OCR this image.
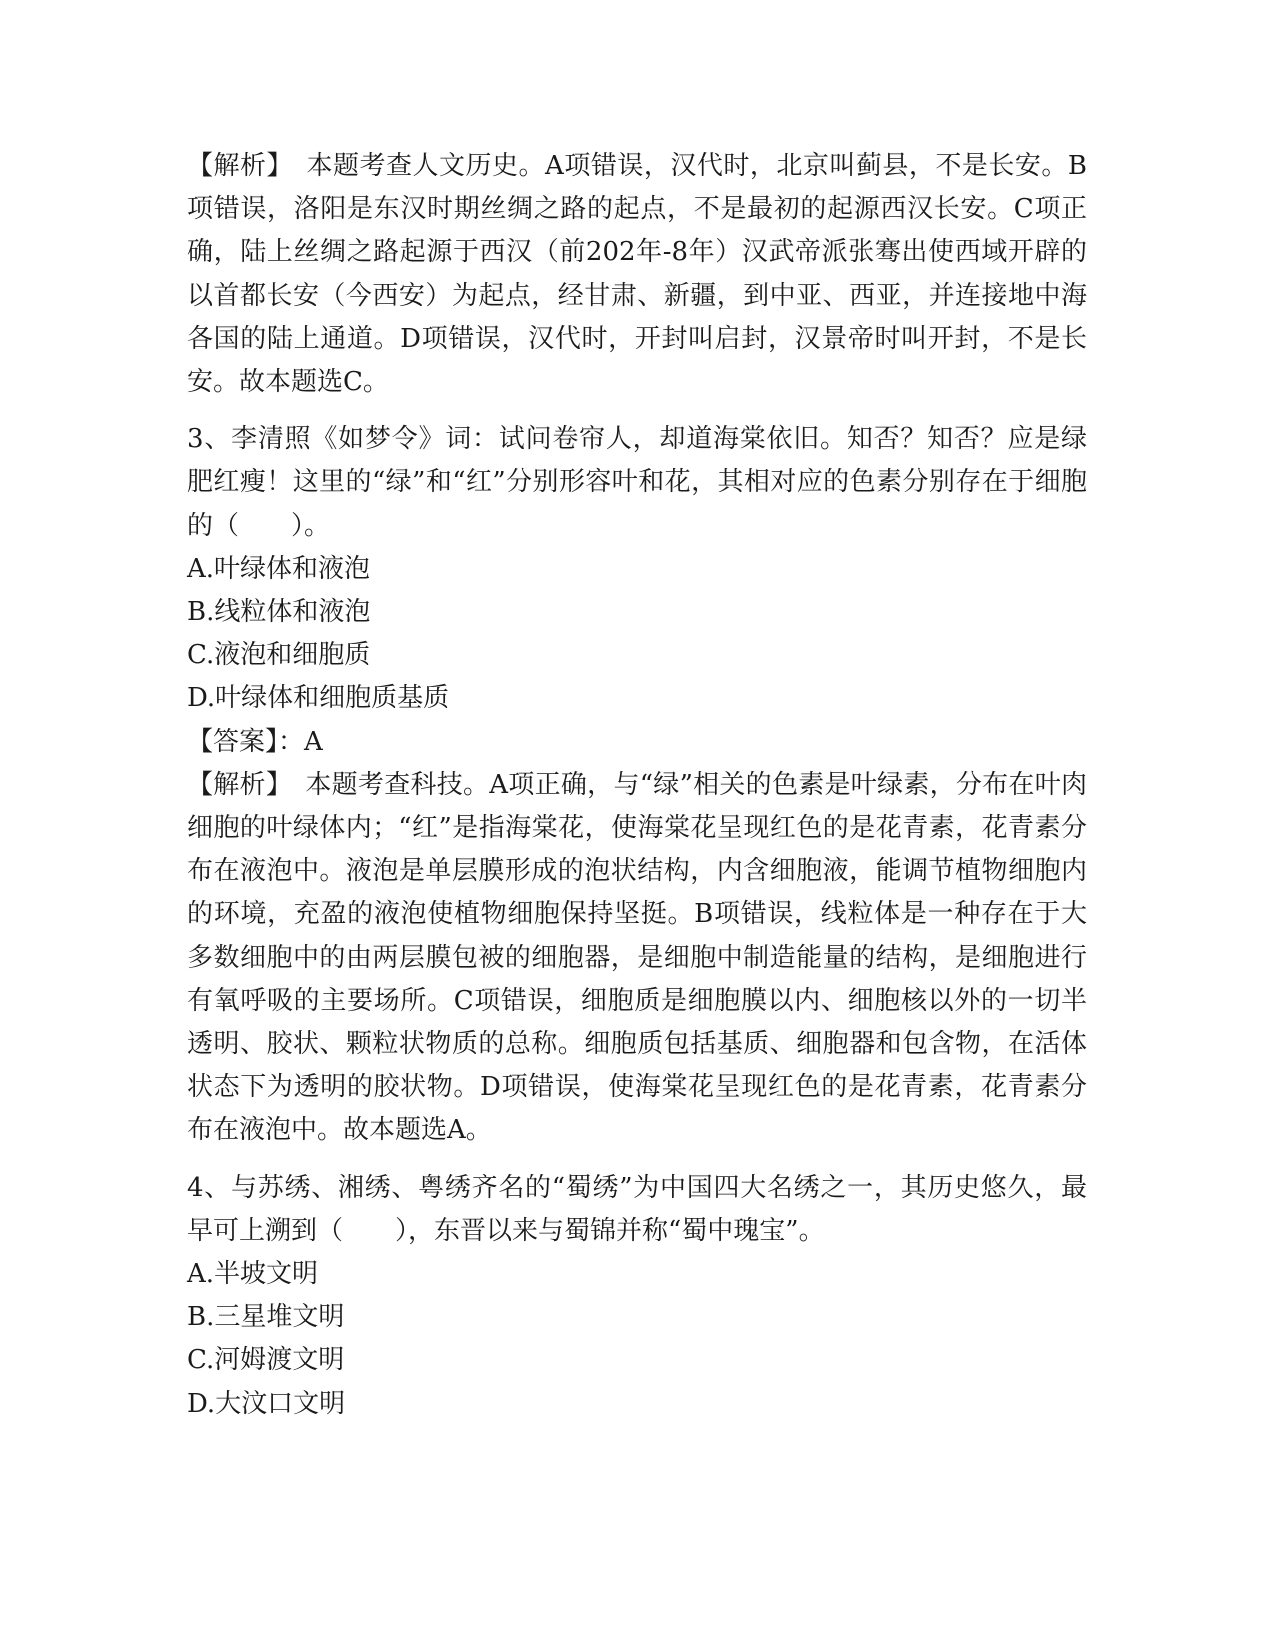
【解析】　本题考查人文历史。A项错误，汉代时，北京叫蓟县，不是长安。B项错误，洛阳是东汉时期丝绸之路的起点，不是最初的起源西汉长安。C项正确，陆上丝绸之路起源于西汉（前202年-8年）汉武帝派张骞出使西域开辟的以首都长安（今西安）为起点，经甘肃、新疆，到中亚、西亚，并连接地中海各国的陆上通道。D项错误，汉代时，开封叫启封，汉景帝时叫开封，不是长安。故本题选C。

3、李清照《如梦令》词：试问卷帘人，却道海棠依旧。知否？知否？应是绿肥红瘦！这里的“绿”和“红”分别形容叶和花，其相对应的色素分别存在于细胞的（　　）。

A.叶绿体和液泡

B.线粒体和液泡

C.液泡和细胞质

D.叶绿体和细胞质基质

【答案】：A

【解析】　本题考查科技。A项正确，与“绿”相关的色素是叶绿素，分布在叶肉细胞的叶绿体内；“红”是指海棠花，使海棠花呈现红色的是花青素，花青素分布在液泡中。液泡是单层膜形成的泡状结构，内含细胞液，能调节植物细胞内的环境，充盈的液泡使植物细胞保持坚挺。B项错误，线粒体是一种存在于大多数细胞中的由两层膜包被的细胞器，是细胞中制造能量的结构，是细胞进行有氧呼吸的主要场所。C项错误，细胞质是细胞膜以内、细胞核以外的一切半透明、胶状、颗粒状物质的总称。细胞质包括基质、细胞器和包含物，在活体状态下为透明的胶状物。D项错误，使海棠花呈现红色的是花青素，花青素分布在液泡中。故本题选A。

4、与苏绣、湘绣、粤绣齐名的“蜀绣”为中国四大名绣之一，其历史悠久，最早可上溯到（　　），东晋以来与蜀锦并称“蜀中瑰宝”。

A.半坡文明

B.三星堆文明

C.河姆渡文明

D.大汶口文明
